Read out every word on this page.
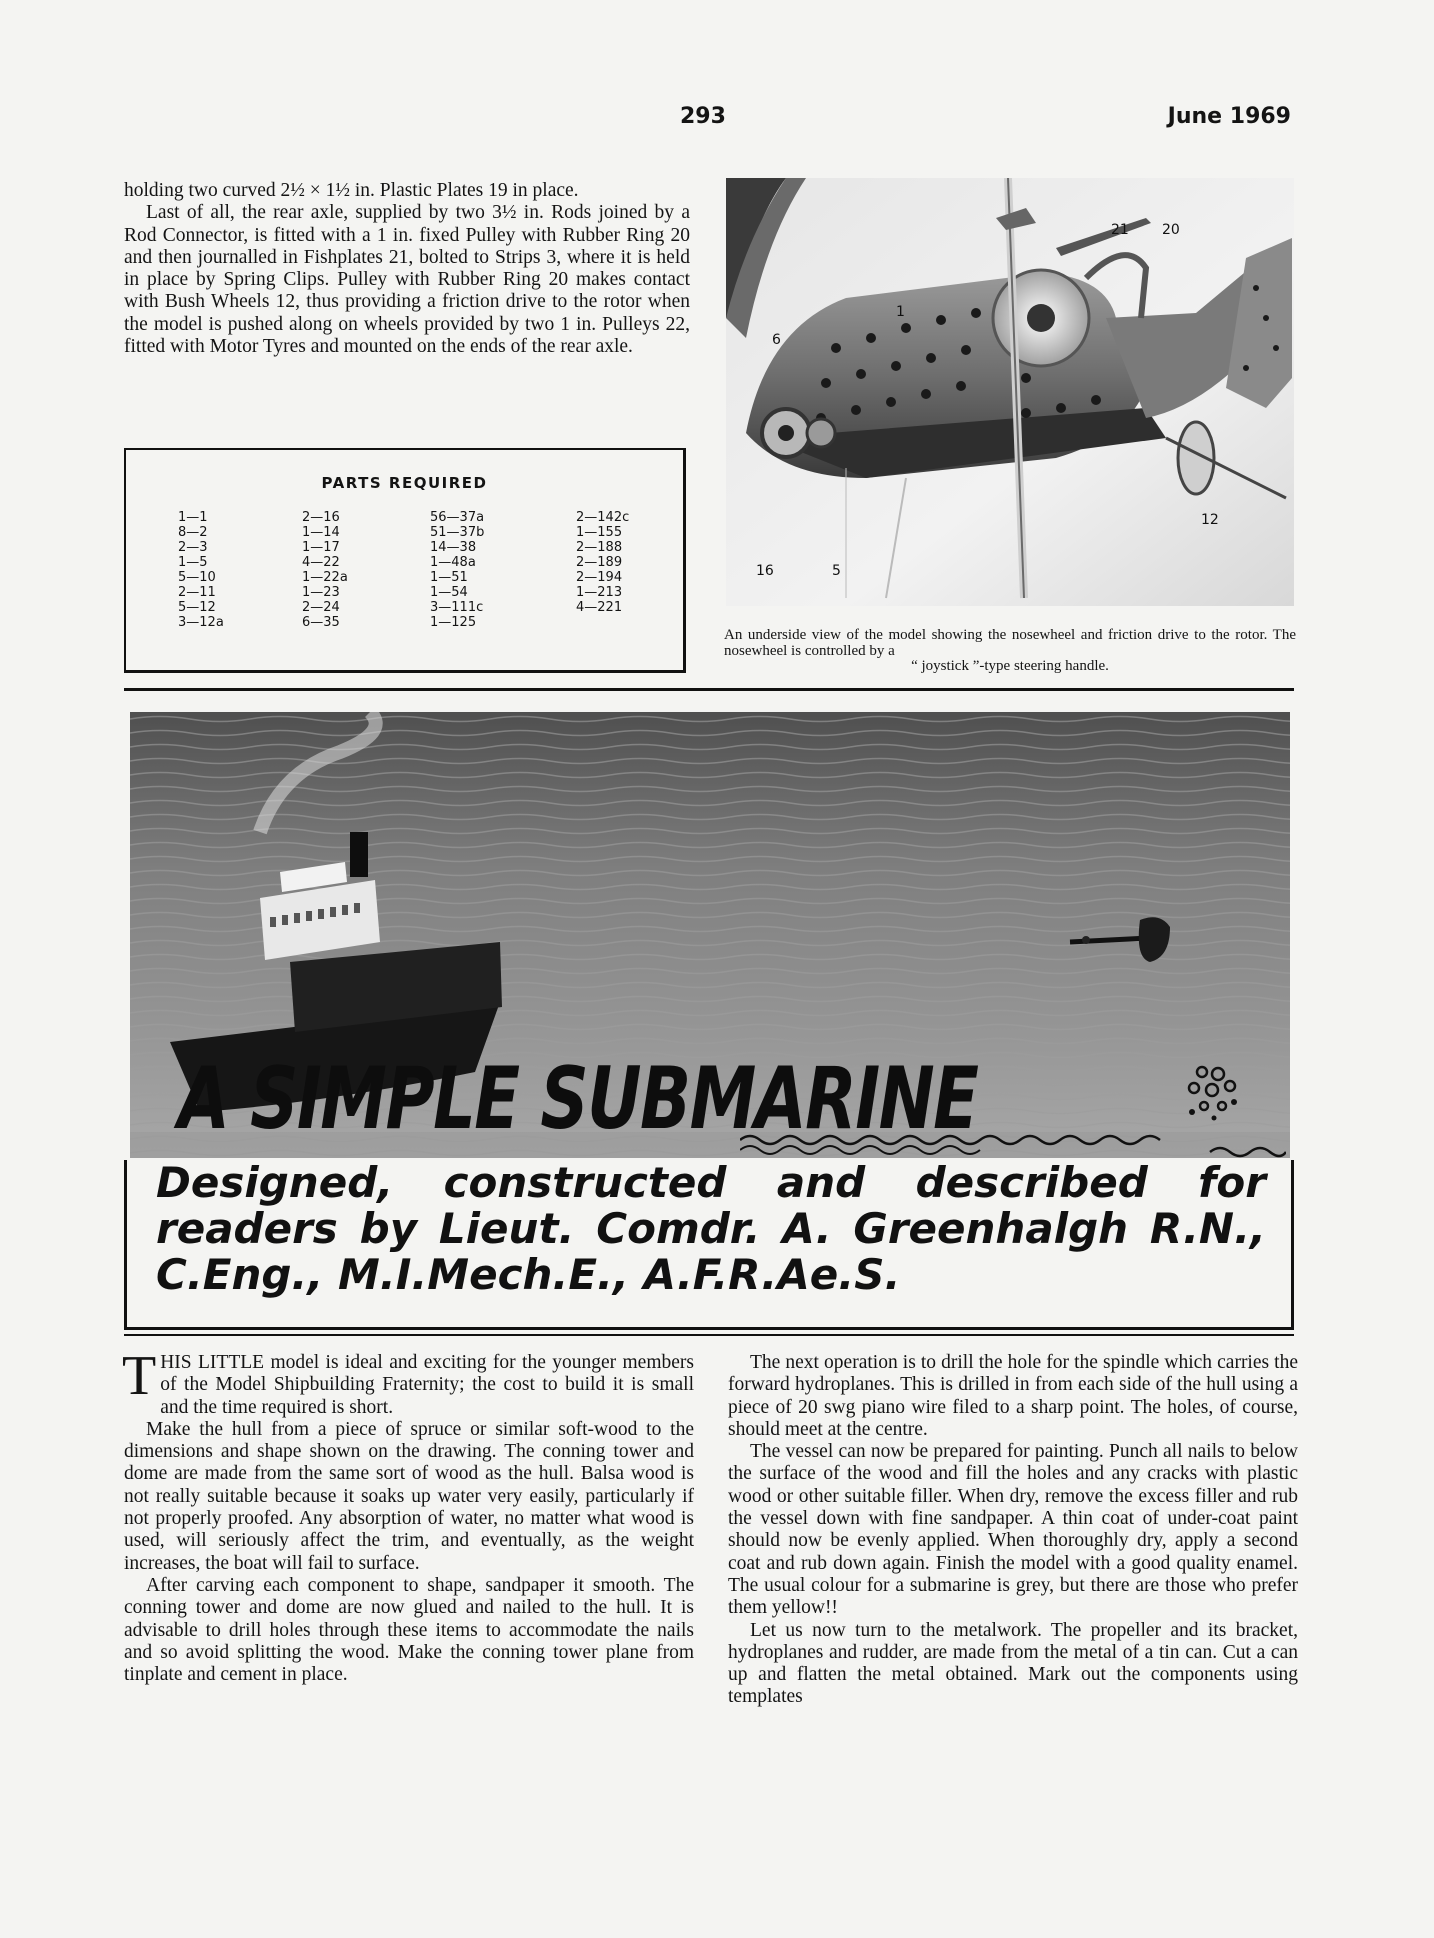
293	June 1969

holding two curved 2½ × 1½ in. Plastic Plates 19 in place.

Last of all, the rear axle, supplied by two 3½ in. Rods joined by a Rod Connector, is fitted with a 1 in. fixed Pulley with Rubber Ring 20 and then journalled in Fishplates 21, bolted to Strips 3, where it is held in place by Spring Clips. Pulley with Rubber Ring 20 makes contact with Bush Wheels 12, thus providing a friction drive to the rotor when the model is pushed along on wheels provided by two 1 in. Pulleys 22, fitted with Motor Tyres and mounted on the ends of the rear axle.

PARTS REQUIRED
1—1
8—2
2—3
1—5
5—10
2—11
5—12
3—12a
2—16
1—14
1—17
4—22
1—22a
1—23
2—24
6—35
56—37a
51—37b
14—38
1—48a
1—51
1—54
3—111c
1—125
2—142c
1—155
2—188
2—189
2—194
1—213
4—221
21 20
1
6
12
16	5
An underside view of the model showing the nosewheel and friction drive to the rotor. The nosewheel is controlled by a
“ joystick ”-type steering handle.
A SIMPLE SUBMARINE
Designed, constructed and described for readers by Lieut. Comdr. A. Greenhalgh R.N., C.Eng., M.I.Mech.E., A.F.R.Ae.S.

THIS LITTLE model is ideal and exciting for the younger members of the Model Shipbuilding Fraternity; the cost to build it is small and the time required is short.

Make the hull from a piece of spruce or similar soft-wood to the dimensions and shape shown on the drawing. The conning tower and dome are made from the same sort of wood as the hull. Balsa wood is not really suitable because it soaks up water very easily, particularly if not properly proofed. Any absorption of water, no matter what wood is used, will seriously affect the trim, and eventually, as the weight increases, the boat will fail to surface.

After carving each component to shape, sandpaper it smooth. The conning tower and dome are now glued and nailed to the hull. It is advisable to drill holes through these items to accommodate the nails and so avoid splitting the wood. Make the conning tower plane from tinplate and cement in place.

The next operation is to drill the hole for the spindle which carries the forward hydroplanes. This is drilled in from each side of the hull using a piece of 20 swg piano wire filed to a sharp point. The holes, of course, should meet at the centre.

The vessel can now be prepared for painting. Punch all nails to below the surface of the wood and fill the holes and any cracks with plastic wood or other suitable filler. When dry, remove the excess filler and rub the vessel down with fine sandpaper. A thin coat of under-coat paint should now be evenly applied. When thoroughly dry, apply a second coat and rub down again. Finish the model with a good quality enamel. The usual colour for a submarine is grey, but there are those who prefer them yellow!!

Let us now turn to the metalwork. The propeller and its bracket, hydroplanes and rudder, are made from the metal of a tin can. Cut a can up and flatten the metal obtained. Mark out the components using templates
